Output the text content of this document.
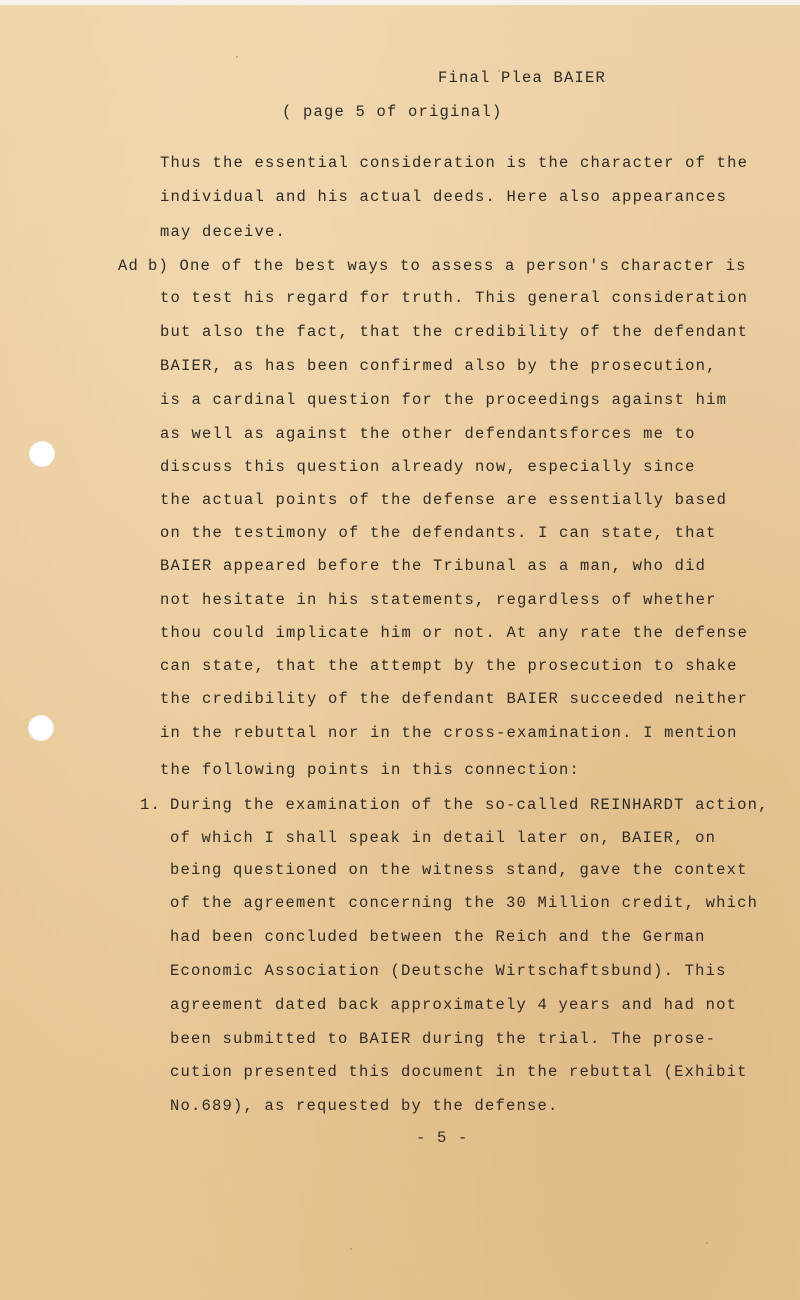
Final Plea BAIER
( page 5 of original)
Thus the essential consideration is the character of the
individual and his actual deeds. Here also appearances
may deceive.
Ad b) One of the best ways to assess a person's character is
to test his regard for truth. This general consideration
but also the fact, that the credibility of the defendant
BAIER, as has been confirmed also by the prosecution,
is a cardinal question for the proceedings against him
as well as against the other defendantsforces me to
discuss this question already now, especially since
the actual points of the defense are essentially based
on the testimony of the defendants. I can state, that
BAIER appeared before the Tribunal as a man, who did
not hesitate in his statements, regardless of whether
thou could implicate him or not. At any rate the defense
can state, that the attempt by the prosecution to shake
the credibility of the defendant BAIER succeeded neither
in the rebuttal nor in the cross-examination. I mention
the following points in this connection:
1. During the examination of the so-called REINHARDT action,
of which I shall speak in detail later on, BAIER, on
being questioned on the witness stand, gave the context
of the agreement concerning the 30 Million credit, which
had been concluded between the Reich and the German
Economic Association (Deutsche Wirtschaftsbund). This
agreement dated back approximately 4 years and had not
been submitted to BAIER during the trial. The prose-
cution presented this document in the rebuttal (Exhibit
No.689), as requested by the defense.
- 5 -
